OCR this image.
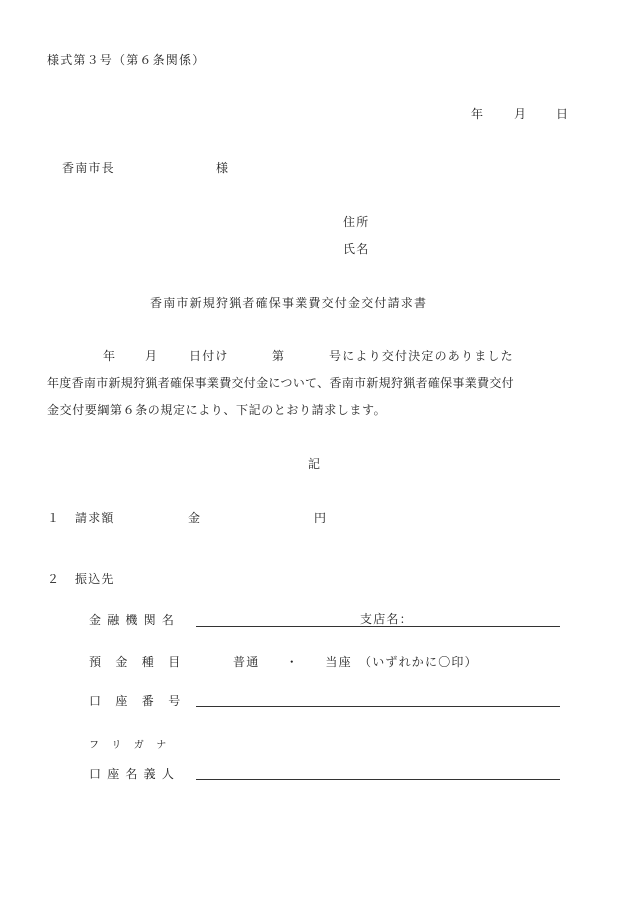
様式第３号（第６条関係）
年 月 日
香南市長	様
住所
氏名
香南市新規狩猟者確保事業費交付金交付請求書
年 月	日付け	第	号により交付決定のありました
年度香南市新規狩猟者確保事業費交付金について、香南市新規狩猟者確保事業費交付
金交付要綱第６条の規定により、下記のとおり請求します。
記
１ 請求額	金	円
２ 振込先
金 融 機 関 名	支店名：
預　金　種　目	普通　　・　　当座　（いずれかに〇印）
口　座　番　号
フ　リ　ガ　ナ
口 座 名 義 人
